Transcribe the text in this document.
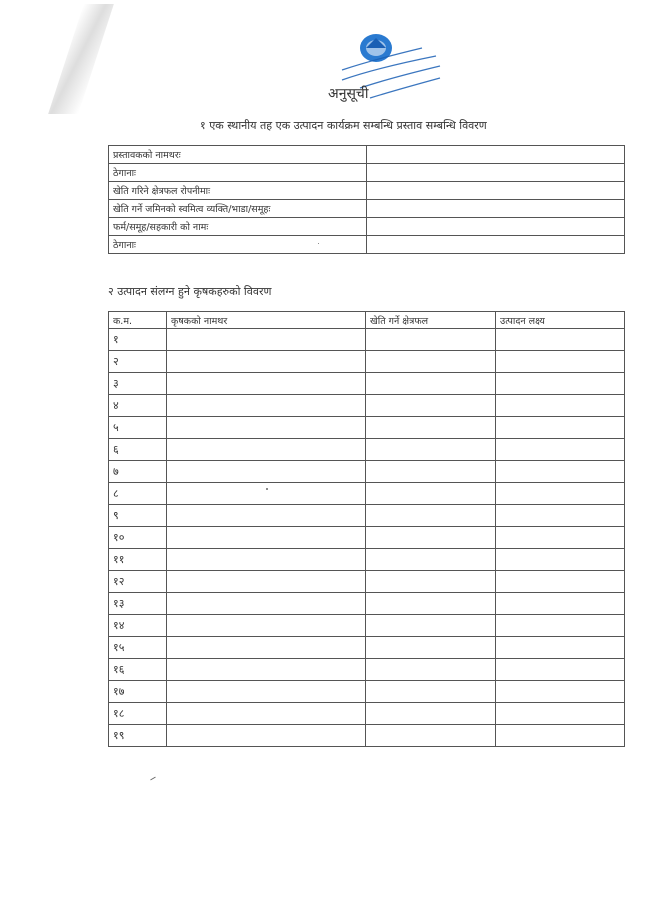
अनुसूची
१ एक स्थानीय तह एक उत्पादन कार्यक्रम सम्बन्धि प्रस्ताव सम्बन्धि विवरण
प्रस्तावकको नामथरः	
ठेगानाः	
खेति गरिने क्षेत्रफल रोपनीमाः	
खेति गर्ने जमिनको स्वमित्व व्यक्ति/भाडा/समूहः	
फर्म/समूह/सहकारी को नामः	
ठेगानाः	
२ उत्पादन संलग्न हुने कृषकहरुको विवरण
क.म.	कृषकको नामथर	खेति गर्ने क्षेत्रफल	उत्पादन लक्ष्य
१			
२			
३			
४			
५			
६			
७			
८			
९			
१०			
११			
१२			
१३			
१४			
१५			
१६			
१७			
१८			
१९			
